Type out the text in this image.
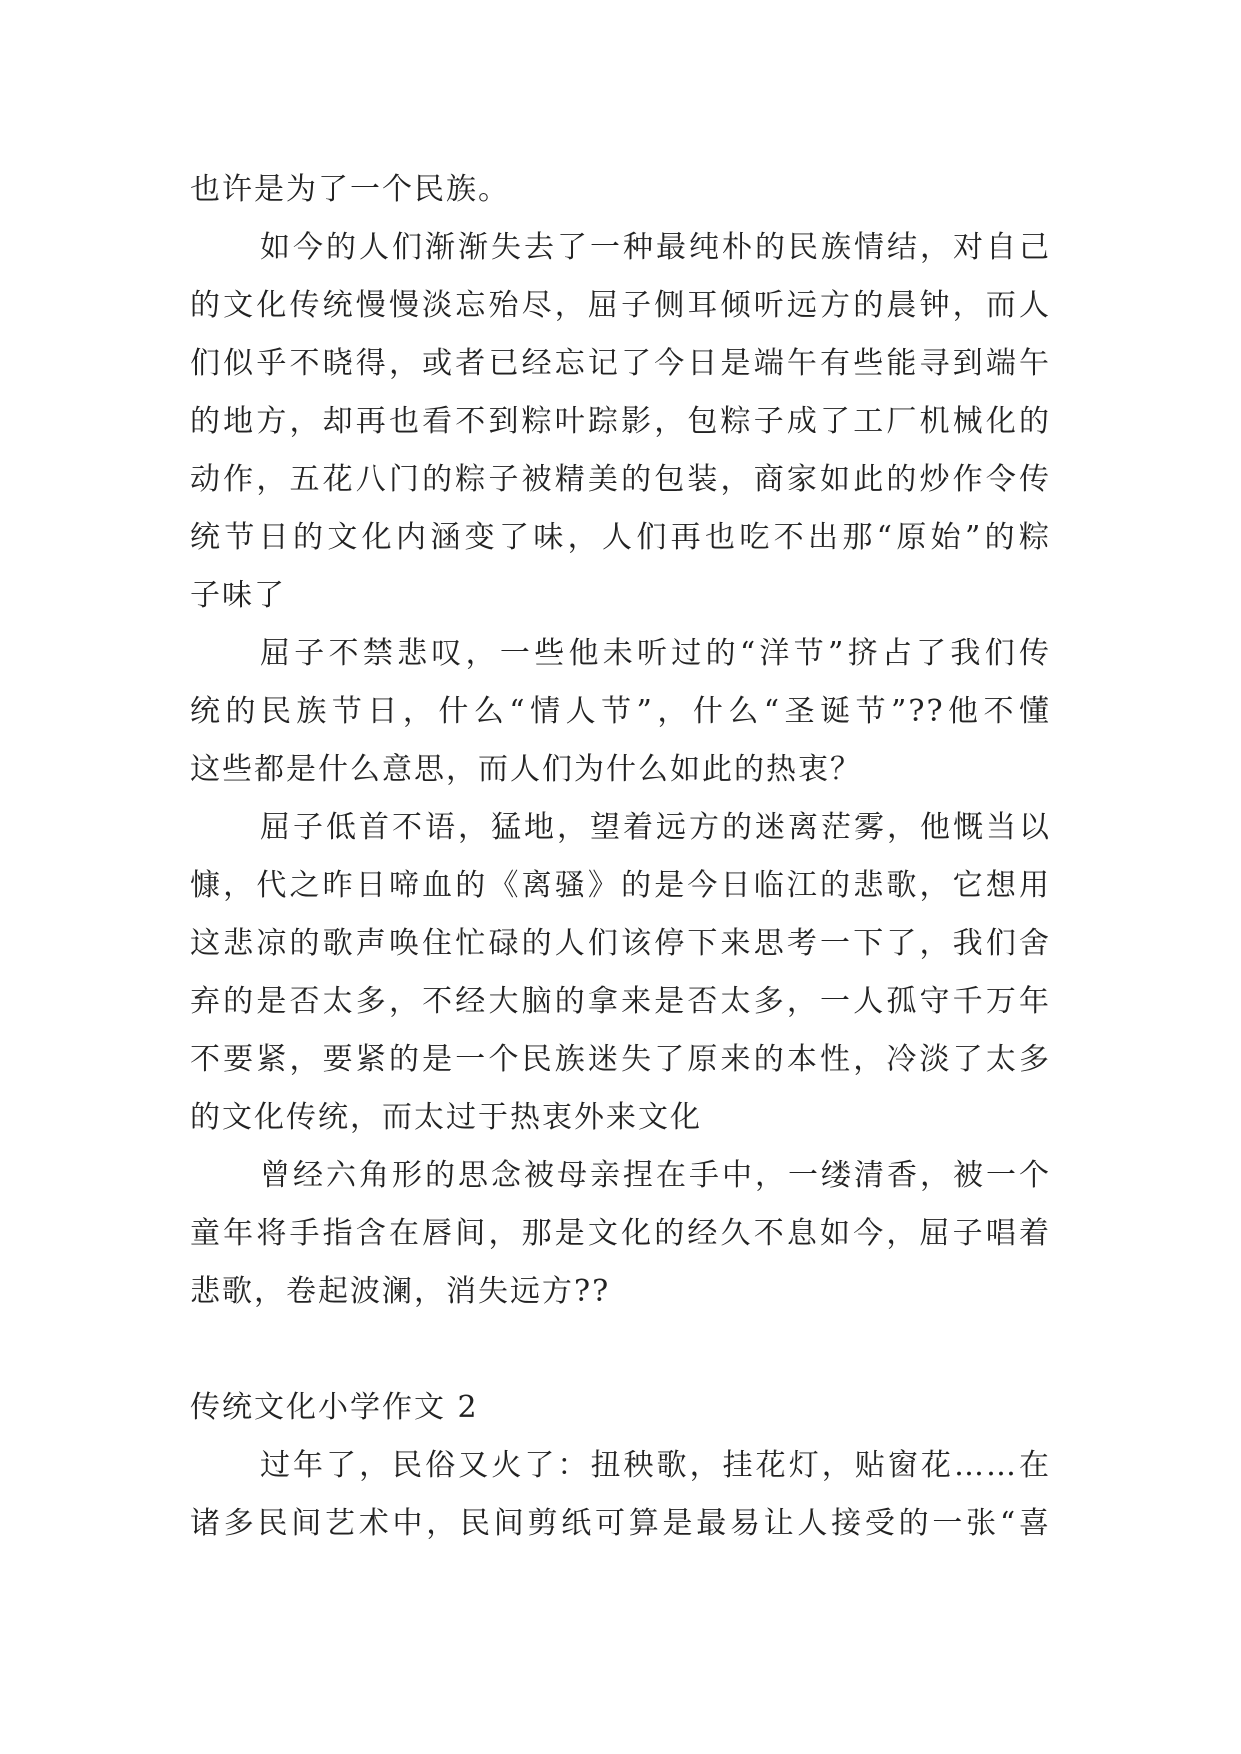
也许是为了一个民族。
如今的人们渐渐失去了一种最纯朴的民族情结，对自己
的文化传统慢慢淡忘殆尽，屈子侧耳倾听远方的晨钟，而人
们似乎不晓得，或者已经忘记了今日是端午有些能寻到端午
的地方，却再也看不到粽叶踪影，包粽子成了工厂机械化的
动作，五花八门的粽子被精美的包装，商家如此的炒作令传
统节日的文化内涵变了味，人们再也吃不出那“原始”的粽
子味了
屈子不禁悲叹，一些他未听过的“洋节”挤占了我们传
统的民族节日，什么“情人节”，什么“圣诞节”??他不懂
这些都是什么意思，而人们为什么如此的热衷？
屈子低首不语，猛地，望着远方的迷离茫雾，他慨当以
慷，代之昨日啼血的《离骚》的是今日临江的悲歌，它想用
这悲凉的歌声唤住忙碌的人们该停下来思考一下了，我们舍
弃的是否太多，不经大脑的拿来是否太多，一人孤守千万年
不要紧，要紧的是一个民族迷失了原来的本性，冷淡了太多
的文化传统，而太过于热衷外来文化
曾经六角形的思念被母亲捏在手中，一缕清香，被一个
童年将手指含在唇间，那是文化的经久不息如今，屈子唱着
悲歌，卷起波澜，消失远方??
传统文化小学作文 2
过年了，民俗又火了：扭秧歌，挂花灯，贴窗花……在
诸多民间艺术中，民间剪纸可算是最易让人接受的一张“喜
